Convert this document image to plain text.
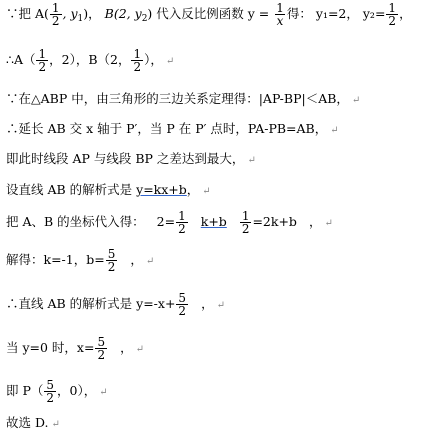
∵把 $A( \frac{1}{2}$ , $y_1$)， B(2, $y_2$) 代入反比例函数 $y = \frac{1}{x}$ 得： y₁=2， $y_2= \frac{1}{2}$ ，
∴A（ $\frac{1}{2}$ ，2），B（2， $\frac{1}{2}$ ）， ↵
∵在△ABP 中，由三角形的三边关系定理得：|AP-BP|＜AB， ↵
∴延长 AB 交 x 轴于 P′，当 P 在 P′ 点时，PA-PB=AB， ↵
即此时线段 AP 与线段 BP 之差达到最大， ↵
设直线 AB 的解析式是 y=kx+b， ↵
把 A、B 的坐标代入得： $2= \frac{1}{2} k+b \frac{1}{2} =2k+b$ ， ↵
解得：k=-1，$b= \frac{5}{2}$ ， ↵
∴直线 AB 的解析式是 $y=-x+ \frac{5}{2}$ ， ↵
当 y=0 时，$x= \frac{5}{2}$ ， ↵
即 $P( \frac{5}{2}$ ，0）， ↵
故选 D. ↵
